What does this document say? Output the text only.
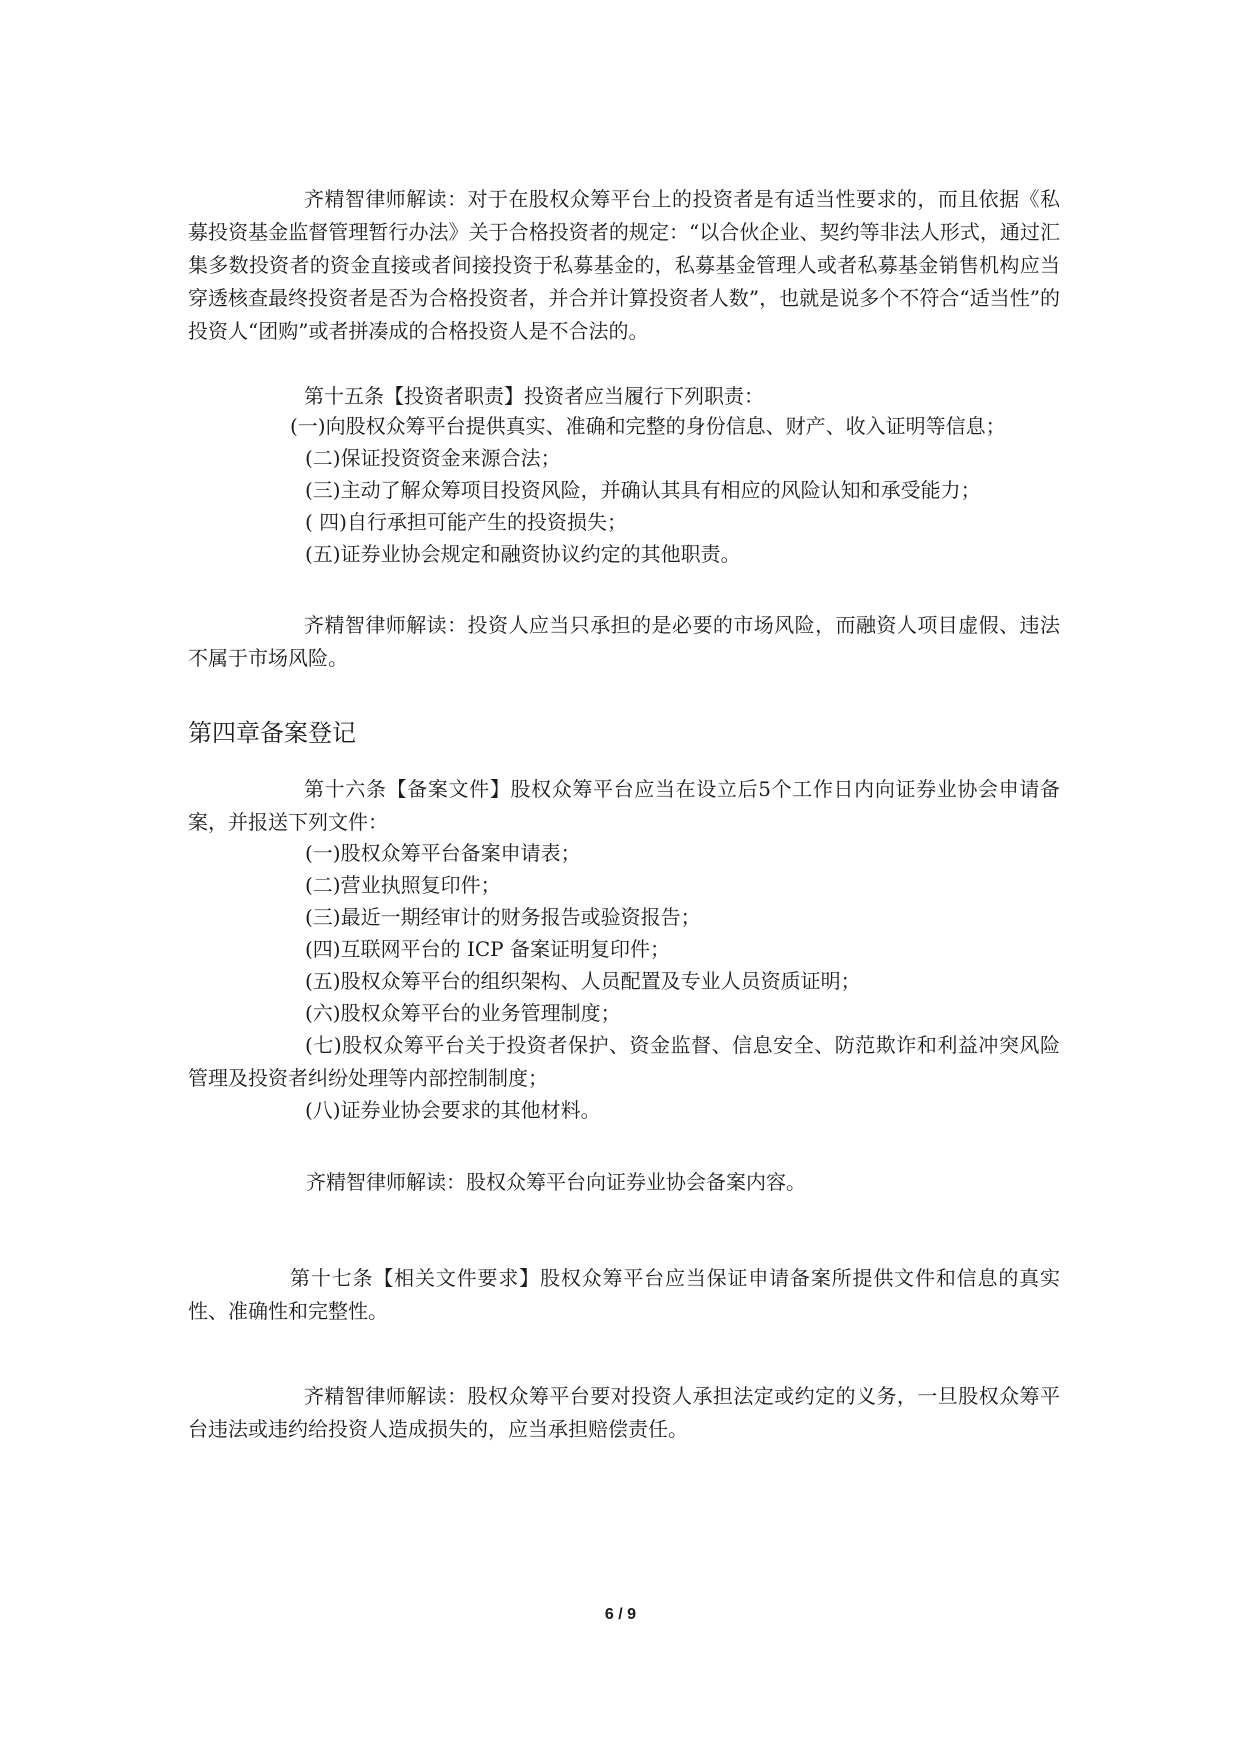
齐精智律师解读：对于在股权众筹平台上的投资者是有适当性要求的，而且依据《私募投资基金监督管理暂行办法》关于合格投资者的规定：“以合伙企业、契约等非法人形式，通过汇集多数投资者的资金直接或者间接投资于私募基金的，私募基金管理人或者私募基金销售机构应当穿透核查最终投资者是否为合格投资者，并合并计算投资者人数”，也就是说多个不符合“适当性”的投资人“团购”或者拼凑成的合格投资人是不合法的。

第十五条【投资者职责】投资者应当履行下列职责：

(一)向股权众筹平台提供真实、准确和完整的身份信息、财产、收入证明等信息；

(二)保证投资资金来源合法；

(三)主动了解众筹项目投资风险，并确认其具有相应的风险认知和承受能力；

( 四)自行承担可能产生的投资损失；

(五)证券业协会规定和融资协议约定的其他职责。

齐精智律师解读：投资人应当只承担的是必要的市场风险，而融资人项目虚假、违法不属于市场风险。

第四章备案登记

第十六条【备案文件】股权众筹平台应当在设立后5个工作日内向证券业协会申请备案，并报送下列文件：

(一)股权众筹平台备案申请表；

(二)营业执照复印件；

(三)最近一期经审计的财务报告或验资报告；

(四)互联网平台的 ICP 备案证明复印件；

(五)股权众筹平台的组织架构、人员配置及专业人员资质证明；

(六)股权众筹平台的业务管理制度；

(七)股权众筹平台关于投资者保护、资金监督、信息安全、防范欺诈和利益冲突风险管理及投资者纠纷处理等内部控制制度；

(八)证券业协会要求的其他材料。

齐精智律师解读：股权众筹平台向证券业协会备案内容。

第十七条【相关文件要求】股权众筹平台应当保证申请备案所提供文件和信息的真实性、准确性和完整性。

齐精智律师解读：股权众筹平台要对投资人承担法定或约定的义务，一旦股权众筹平台违法或违约给投资人造成损失的，应当承担赔偿责任。

6 / 9
